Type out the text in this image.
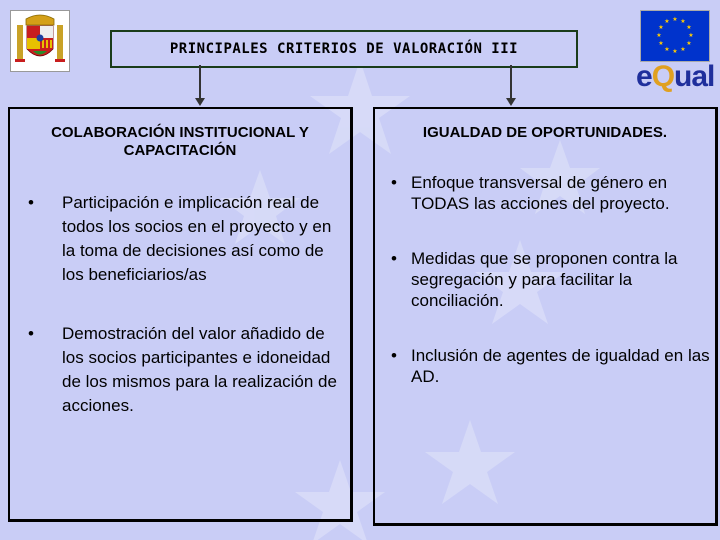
PRINCIPALES CRITERIOS DE VALORACIÓN III
★ ★
★
★
★
★
★
★
★
★
★
★
eQual
COLABORACIÓN INSTITUCIONAL Y CAPACITACIÓN
• Participación e implicación real de todos los socios en el proyecto y en la toma de decisiones así como de los beneficiarios/as
• Demostración del valor añadido de los socios participantes e idoneidad de los mismos para la realización de acciones.
IGUALDAD DE OPORTUNIDADES.
• Enfoque transversal de género en TODAS las acciones del proyecto.
• Medidas que se proponen contra la segregación y para facilitar la conciliación.
• Inclusión de agentes de igualdad en las AD.
